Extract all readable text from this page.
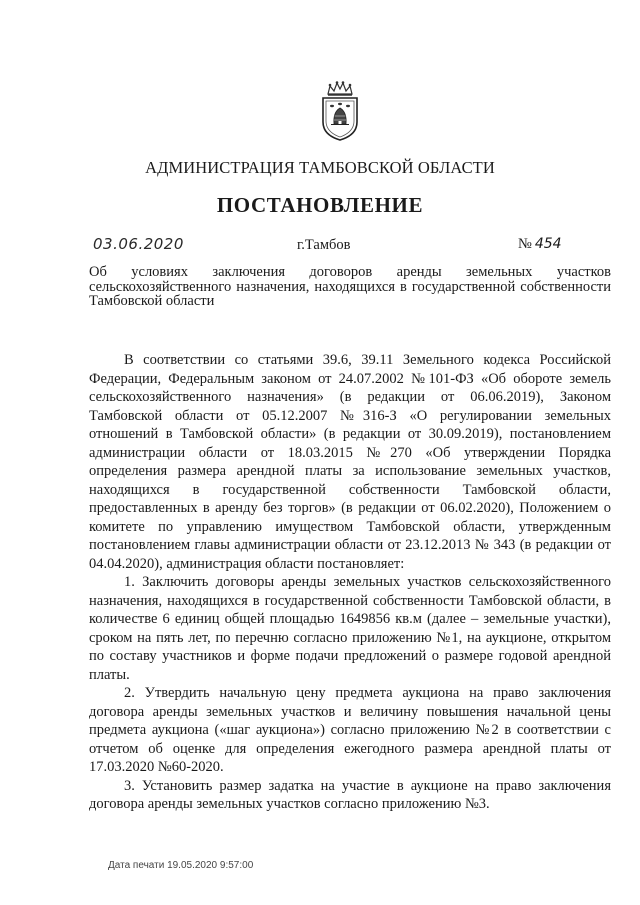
АДМИНИСТРАЦИЯ ТАМБОВСКОЙ ОБЛАСТИ
ПОСТАНОВЛЕНИЕ
03.06.2020	г.Тамбов	№ 454
Об условиях заключения договоров аренды земельных участков сельскохозяйственного назначения, находящихся в государственной собственности Тамбовской области

В соответствии со статьями 39.6, 39.11 Земельного кодекса Российской Федерации, Федеральным законом от 24.07.2002 №101-ФЗ «Об обороте земель сельскохозяйственного назначения» (в редакции от 06.06.2019), Законом Тамбовской области от 05.12.2007 №316-З «О регулировании земельных отношений в Тамбовской области» (в редакции от 30.09.2019), постановлением администрации области от 18.03.2015 №270 «Об утверждении Порядка определения размера арендной платы за использование земельных участков, находящихся в государственной собственности Тамбовской области, предоставленных в аренду без торгов» (в редакции от 06.02.2020), Положением о комитете по управлению имуществом Тамбовской области, утвержденным постановлением главы администрации области от 23.12.2013 № 343 (в редакции от 04.04.2020), администрация области постановляет:

1. Заключить договоры аренды земельных участков сельскохозяйственного назначения, находящихся в государственной собственности Тамбовской области, в количестве 6 единиц общей площадью 1649856 кв.м (далее – земельные участки), сроком на пять лет, по перечню согласно приложению №1, на аукционе, открытом по составу участников и форме подачи предложений о размере годовой арендной платы.

2. Утвердить начальную цену предмета аукциона на право заключения договора аренды земельных участков и величину повышения начальной цены предмета аукциона («шаг аукциона») согласно приложению №2 в соответствии с отчетом об оценке для определения ежегодного размера арендной платы от 17.03.2020 №60-2020.

3. Установить размер задатка на участие в аукционе на право заключения договора аренды земельных участков согласно приложению №3.

Дата печати 19.05.2020 9:57:00
